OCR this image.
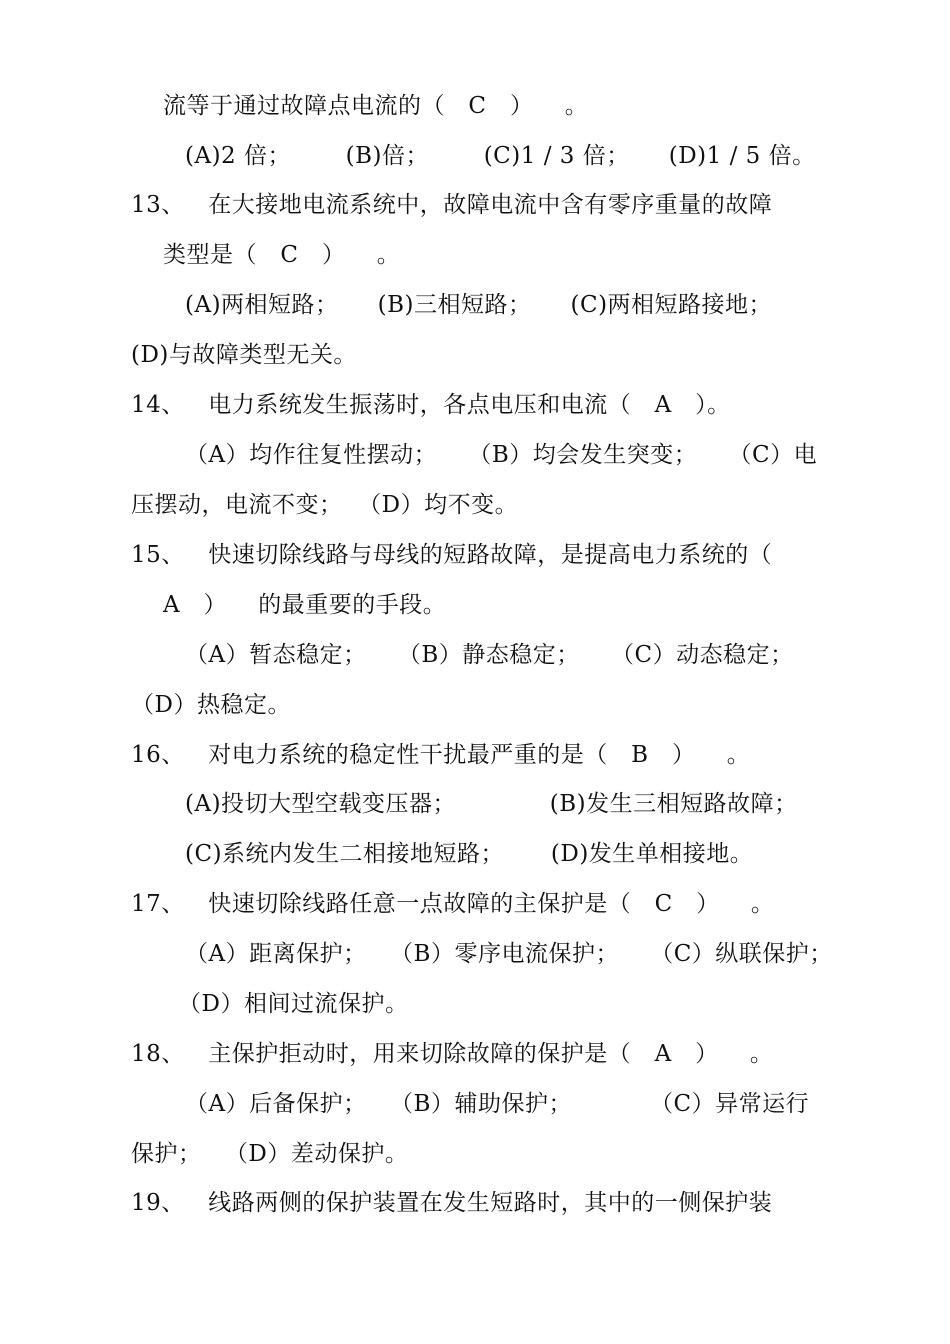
流等于通过故障点电流的（   C   ）    。
(A)2 倍；       (B)倍；       (C)1 / 3 倍；     (D)1 / 5 倍。
13、   在大接地电流系统中，故障电流中含有零序重量的故障
类型是（   C   ）    。
(A)两相短路；     (B)三相短路；     (C)两相短路接地；
(D)与故障类型无关。
14、   电力系统发生振荡时，各点电压和电流（   A   ）。
（A）均作往复性摆动；    （B）均会发生突变；    （C）电
压摆动，电流不变；  （D）均不变。
15、   快速切除线路与母线的短路故障，是提高电力系统的（
A   ）    的最重要的手段。
（A）暂态稳定；    （B）静态稳定；    （C）动态稳定；
（D）热稳定。
16、   对电力系统的稳定性干扰最严重的是（   B   ）    。
(A)投切大型空载变压器；            (B)发生三相短路故障；
(C)系统内发生二相接地短路；      (D)发生单相接地。
17、   快速切除线路任意一点故障的主保护是（   C   ）    。
（A）距离保护；   （B）零序电流保护；    （C）纵联保护；
（D）相间过流保护。
18、   主保护拒动时，用来切除故障的保护是（   A   ）    。
（A）后备保护；   （B）辅助保护；          （C）异常运行
保护；   （D）差动保护。
19、   线路两侧的保护装置在发生短路时，其中的一侧保护装
